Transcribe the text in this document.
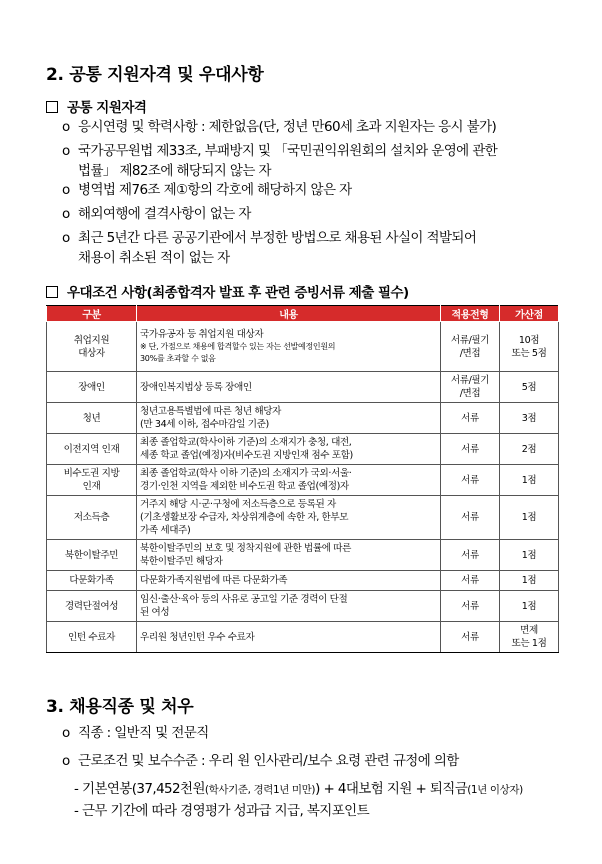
2. 공통 지원자격 및 우대사항
공통 지원자격
o 응시연령 및 학력사항 : 제한없음(단, 정년 만60세 초과 지원자는 응시 불가)
o 국가공무원법 제33조, 부패방지 및 「국민권익위원회의 설치와 운영에 관한
법률」 제82조에 해당되지 않는 자
o 병역법 제76조 제①항의 각호에 해당하지 않은 자
o 해외여행에 결격사항이 없는 자
o 최근 5년간 다른 공공기관에서 부정한 방법으로 채용된 사실이 적발되어
채용이 취소된 적이 없는 자
우대조건 사항(최종합격자 발표 후 관련 증빙서류 제출 필수)
구분	내용	적용전형	가산점
취업지원
대상자	국가유공자 등 취업지원 대상자
※ 단, 가점으로 채용에 합격할수 있는 자는 선발예정인원의
30%를 초과할 수 없음	서류/필기
/면접	10점
또는 5점
장애인	장애인복지법상 등록 장애인	서류/필기
/면접	5점
청년	청년고용특별법에 따른 청년 해당자
(만 34세 이하, 접수마감일 기준)	서류	3점
이전지역 인재	최종 졸업학교(학사이하 기준)의 소재지가 충청, 대전,
세종 학교 졸업(예정)자(비수도권 지방인재 점수 포함)	서류	2점
비수도권 지방
인재	최종 졸업학교(학사 이하 기준)의 소재지가 국외·서울·
경기·인천 지역을 제외한 비수도권 학교 졸업(예정)자	서류	1점
저소득층	거주지 해당 시·군·구청에 저소득층으로 등록된 자
(기초생활보장 수급자, 차상위계층에 속한 자, 한부모
가족 세대주)	서류	1점
북한이탈주민	북한이탈주민의 보호 및 정착지원에 관한 법률에 따른
북한이탈주민 해당자	서류	1점
다문화가족	다문화가족지원법에 따른 다문화가족	서류	1점
경력단절여성	임신·출산·육아 등의 사유로 공고일 기준 경력이 단절
된 여성	서류	1점
인턴 수료자	우리원 청년인턴 우수 수료자	서류	면제
또는 1점
3. 채용직종 및 처우
o 직종 : 일반직 및 전문직
o 근로조건 및 보수수준 : 우리 원 인사관리/보수 요령 관련 규정에 의함
- 기본연봉(37,452천원(학사기준, 경력1년 미만)) + 4대보험 지원 + 퇴직금(1년 이상자)
- 근무 기간에 따라 경영평가 성과급 지급, 복지포인트
